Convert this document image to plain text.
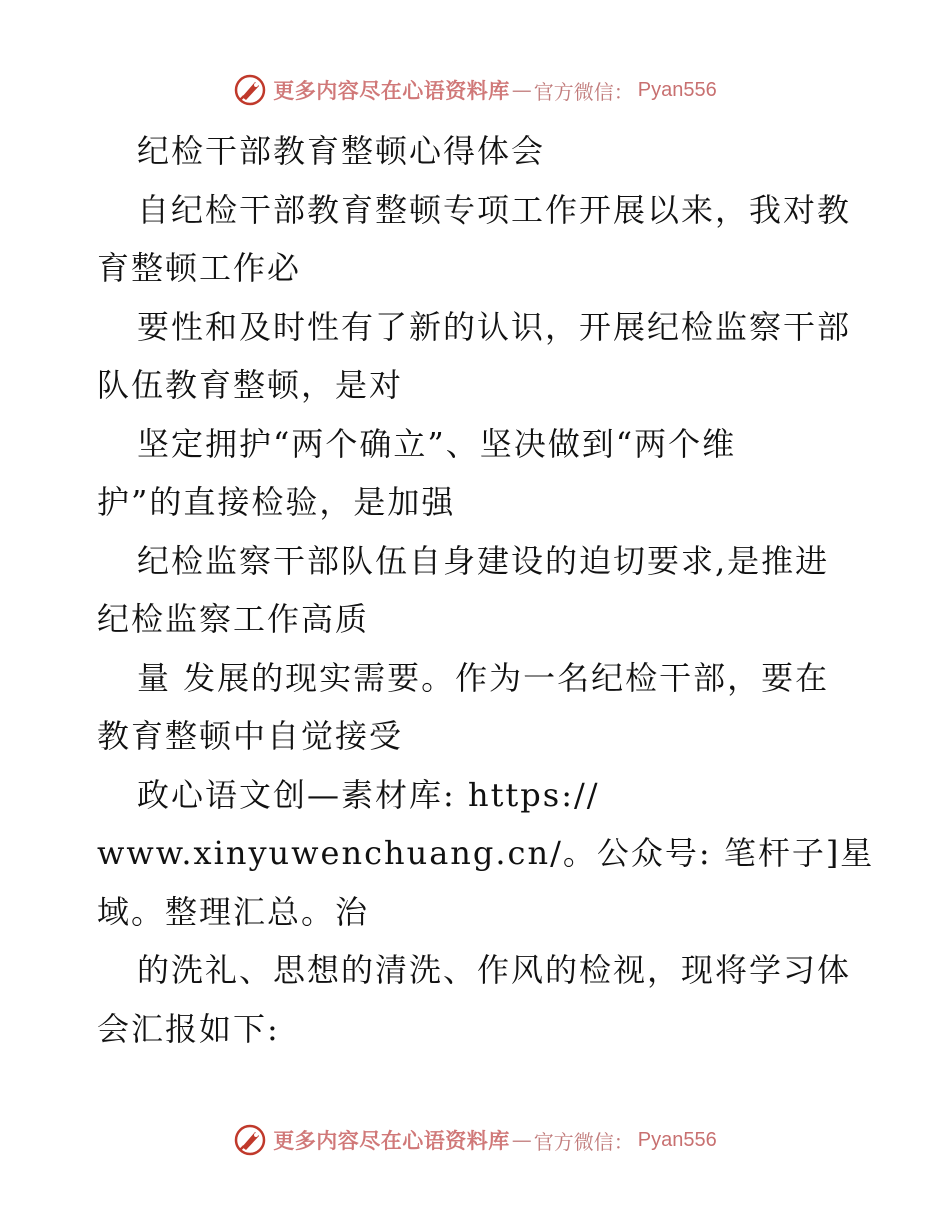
更多内容尽在心语资料库 — 官方微信： Pyan556
纪检干部教育整顿心得体会
自纪检干部教育整顿专项工作开展以来，我对教
育整顿工作必
要性和及时性有了新的认识，开展纪检监察干部
队伍教育整顿，是对
坚定拥护“两个确立”、坚决做到“两个维
护”的直接检验，是加强
纪检监察干部队伍自身建设的迫切要求,是推进
纪检监察工作高质
量 发展的现实需要。作为一名纪检干部，要在
教育整顿中自觉接受
政心语文创—素材库: https://
www.xinyuwenchuang.cn/。公众号: 笔杆子]星
域。整理汇总。治
的洗礼、思想的清洗、作风的检视，现将学习体
会汇报如下:
更多内容尽在心语资料库 — 官方微信： Pyan556
